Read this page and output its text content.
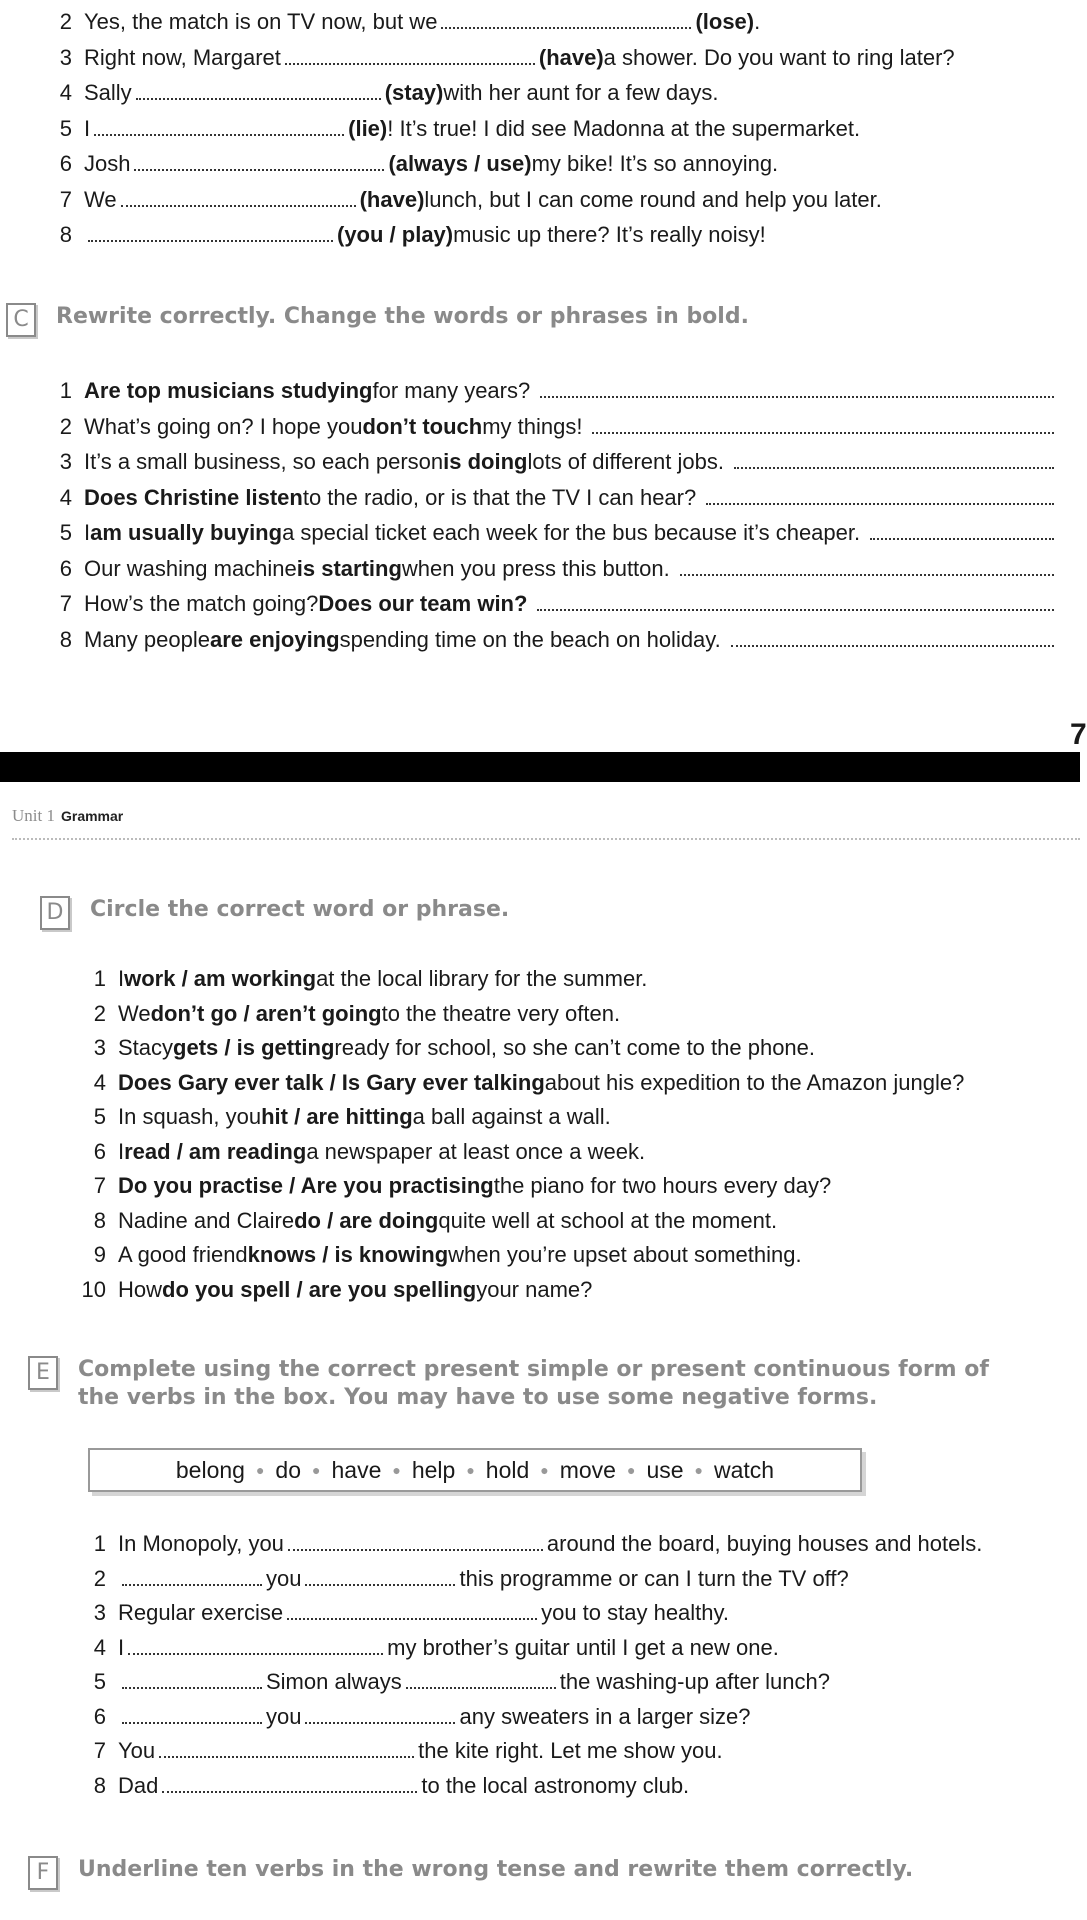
2 Yes, the match is on TV now, but we	(lose) .
3 Right now, Margaret	(have) a shower. Do you want to ring later?
4 Sally	(stay) with her aunt for a few days.
5 I	(lie) ! It’s true! I did see Madonna at the supermarket.
6 Josh	(always / use) my bike! It’s so annoying.
7 We	(have) lunch, but I can come round and help you later.
8	(you / play) music up there? It’s really noisy!
C	Rewrite correctly. Change the words or phrases in bold.
1 Are top musicians studying for many years?
2 What’s going on? I hope you don’t touch my things!
3 It’s a small business, so each person is doing lots of different jobs.
4 Does Christine listen to the radio, or is that the TV I can hear?
5 I am usually buying a special ticket each week for the bus because it’s cheaper.
6 Our washing machine is starting when you press this button.
7 How’s the match going? Does our team win?
8 Many people are enjoying spending time on the beach on holiday.
7
Unit 1 Grammar
D Circle the correct word or phrase.
1 I work / am working at the local library for the summer.
2 We don’t go / aren’t going to the theatre very often.
3 Stacy gets / is getting ready for school, so she can’t come to the phone.
4 Does Gary ever talk / Is Gary ever talking about his expedition to the Amazon jungle?
5 In squash, you hit / are hitting a ball against a wall.
6 I read / am reading a newspaper at least once a week.
7 Do you practise / Are you practising the piano for two hours every day?
8 Nadine and Claire do / are doing quite well at school at the moment.
9 A good friend knows / is knowing when you’re upset about something.
10 How do you spell / are you spelling your name?
E	Complete using the correct present simple or present continuous form of the verbs in the box. You may have to use some negative forms.
belong ● do ● have ● help ● hold ● move ● use ● watch
1 In Monopoly, you	around the board, buying houses and hotels.
2	you	this programme or can I turn the TV off?
3 Regular exercise	you to stay healthy.
4 I	my brother’s guitar until I get a new one.
5	Simon always	the washing-up after lunch?
6	you	any sweaters in a larger size?
7 You	the kite right. Let me show you.
8 Dad	to the local astronomy club.
F	Underline ten verbs in the wrong tense and rewrite them correctly.
